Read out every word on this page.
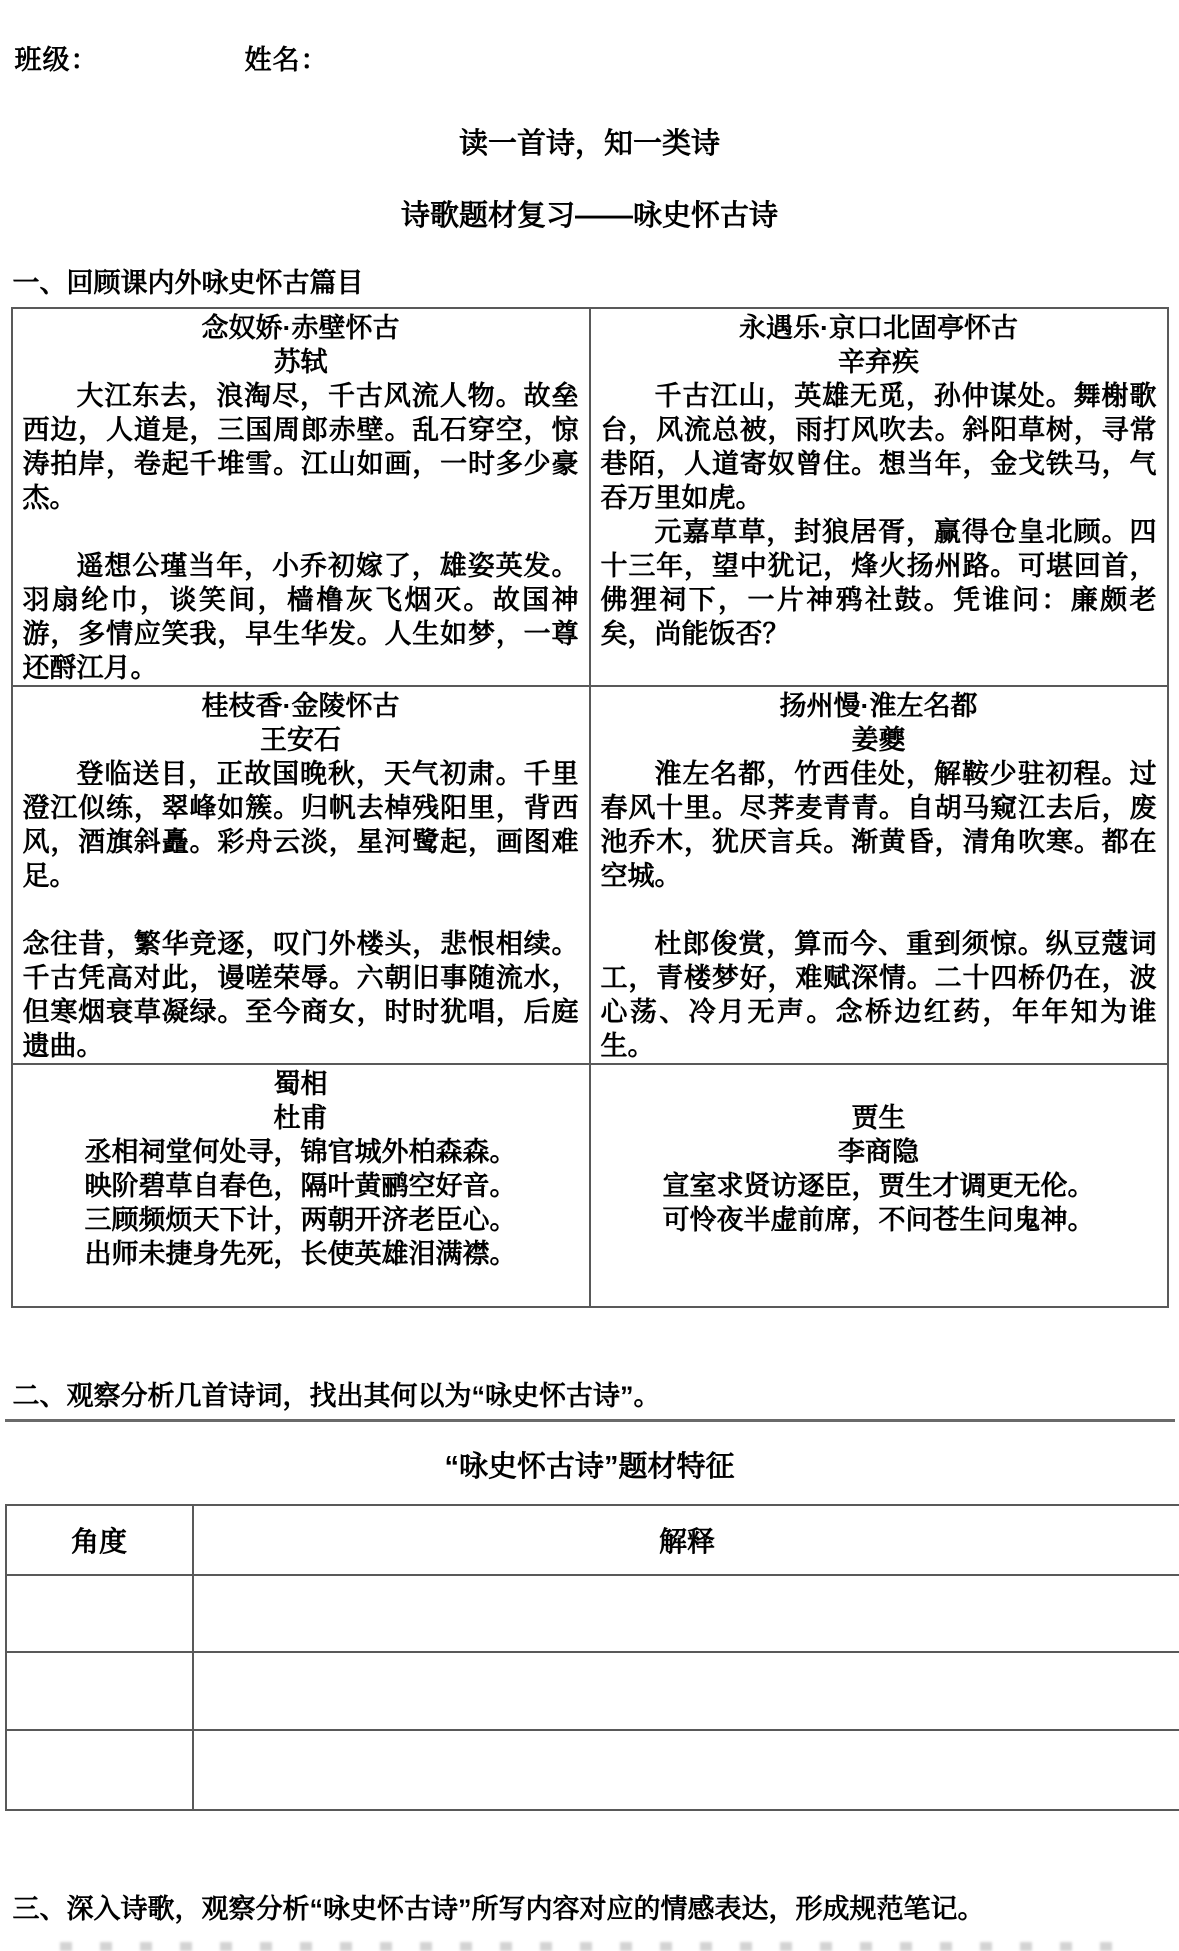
班级：	姓名：
读一首诗，知一类诗
诗歌题材复习——咏史怀古诗
一、回顾课内外咏史怀古篇目
念奴娇·赤壁怀古
苏轼

大江东去，浪淘尽，千古风流人物。故垒西边，人道是，三国周郎赤壁。乱石穿空，惊涛拍岸，卷起千堆雪。江山如画，一时多少豪杰。

遥想公瑾当年，小乔初嫁了，雄姿英发。羽扇纶巾，谈笑间，樯橹灰飞烟灭。故国神游，多情应笑我，早生华发。人生如梦，一尊还酹江月。

永遇乐·京口北固亭怀古
辛弃疾

千古江山，英雄无觅，孙仲谋处。舞榭歌台，风流总被，雨打风吹去。斜阳草树，寻常巷陌，人道寄奴曾住。想当年，金戈铁马，气吞万里如虎。

元嘉草草，封狼居胥，赢得仓皇北顾。四十三年，望中犹记，烽火扬州路。可堪回首，佛狸祠下，一片神鸦社鼓。凭谁问：廉颇老矣，尚能饭否？

桂枝香·金陵怀古
王安石

登临送目，正故国晚秋，天气初肃。千里澄江似练，翠峰如簇。归帆去棹残阳里，背西风，酒旗斜矗。彩舟云淡，星河鹭起，画图难足。

念往昔，繁华竞逐，叹门外楼头，悲恨相续。千古凭高对此，谩嗟荣辱。六朝旧事随流水，但寒烟衰草凝绿。至今商女，时时犹唱，后庭遗曲。

扬州慢·淮左名都
姜夔

淮左名都，竹西佳处，解鞍少驻初程。过春风十里。尽荠麦青青。自胡马窥江去后，废池乔木，犹厌言兵。渐黄昏，清角吹寒。都在空城。

杜郎俊赏，算而今、重到须惊。纵豆蔻词工，青楼梦好，难赋深情。二十四桥仍在，波心荡、冷月无声。念桥边红药，年年知为谁生。

蜀相
杜甫

丞相祠堂何处寻，锦官城外柏森森。

映阶碧草自春色，隔叶黄鹂空好音。

三顾频烦天下计，两朝开济老臣心。

出师未捷身先死，长使英雄泪满襟。

贾生
李商隐

宣室求贤访逐臣，贾生才调更无伦。

可怜夜半虚前席，不问苍生问鬼神。

二、观察分析几首诗词，找出其何以为“咏史怀古诗”。
“咏史怀古诗”题材特征
角度	解释

三、深入诗歌，观察分析“咏史怀古诗”所写内容对应的情感表达，形成规范笔记。
